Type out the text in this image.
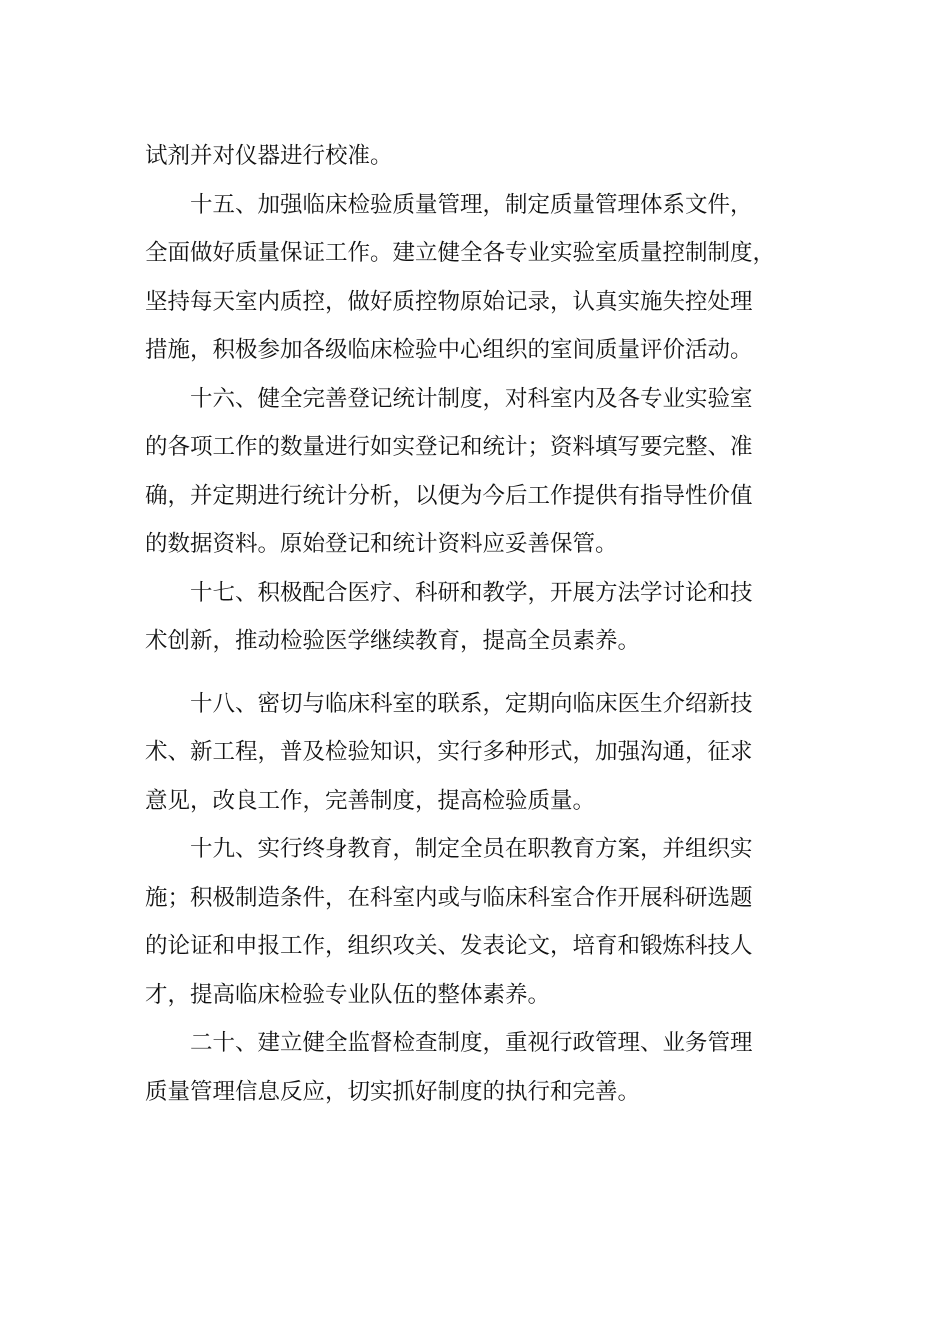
试剂并对仪器进行校准。
十五、加强临床检验质量管理，制定质量管理体系文件，
全面做好质量保证工作。建立健全各专业实验室质量控制制度，
坚持每天室内质控，做好质控物原始记录，认真实施失控处理
措施，积极参加各级临床检验中心组织的室间质量评价活动。
十六、健全完善登记统计制度，对科室内及各专业实验室
的各项工作的数量进行如实登记和统计；资料填写要完整、准
确，并定期进行统计分析，以便为今后工作提供有指导性价值
的数据资料。原始登记和统计资料应妥善保管。
十七、积极配合医疗、科研和教学，开展方法学讨论和技
术创新，推动检验医学继续教育，提高全员素养。
十八、密切与临床科室的联系，定期向临床医生介绍新技
术、新工程，普及检验知识，实行多种形式，加强沟通，征求
意见，改良工作，完善制度，提高检验质量。
十九、实行终身教育，制定全员在职教育方案，并组织实
施；积极制造条件，在科室内或与临床科室合作开展科研选题
的论证和申报工作，组织攻关、发表论文，培育和锻炼科技人
才，提高临床检验专业队伍的整体素养。
二十、建立健全监督检查制度，重视行政管理、业务管理
质量管理信息反应，切实抓好制度的执行和完善。
